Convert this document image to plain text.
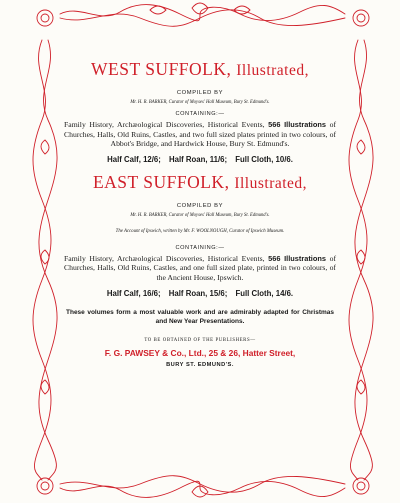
WEST SUFFOLK, Illustrated,
COMPILED BY
Mr. H. R. BARKER, Curator of Moyses' Hall Museum, Bury St. Edmund's.
CONTAINING:—
Family History, Archæological Discoveries, Historical Events, 566 Illustrations of Churches, Halls, Old Ruins, Castles, and two full sized plates printed in two colours, of Abbot's Bridge, and Hardwick House, Bury St. Edmund's.
Half Calf, 12/6; Half Roan, 11/6; Full Cloth, 10/6.
EAST SUFFOLK, Illustrated,
COMPILED BY
Mr. H. R. BARKER, Curator of Moyses' Hall Museum, Bury St. Edmund's.
The Account of Ipswich, written by Mr. F. WOOLNOUGH, Curator of Ipswich Museum.
CONTAINING:—
Family History, Archæological Discoveries, Historical Events, 566 Illustrations of Churches, Halls, Old Ruins, Castles, and one full sized plate, printed in two colours, of the Ancient House, Ipswich.
Half Calf, 16/6; Half Roan, 15/6; Full Cloth, 14/6.
These volumes form a most valuable work and are admirably adapted for Christmas and New Year Presentations.
TO BE OBTAINED OF THE PUBLISHERS—
F. G. PAWSEY & Co., Ltd., 25 & 26, Hatter Street,
BURY ST. EDMUND'S.
